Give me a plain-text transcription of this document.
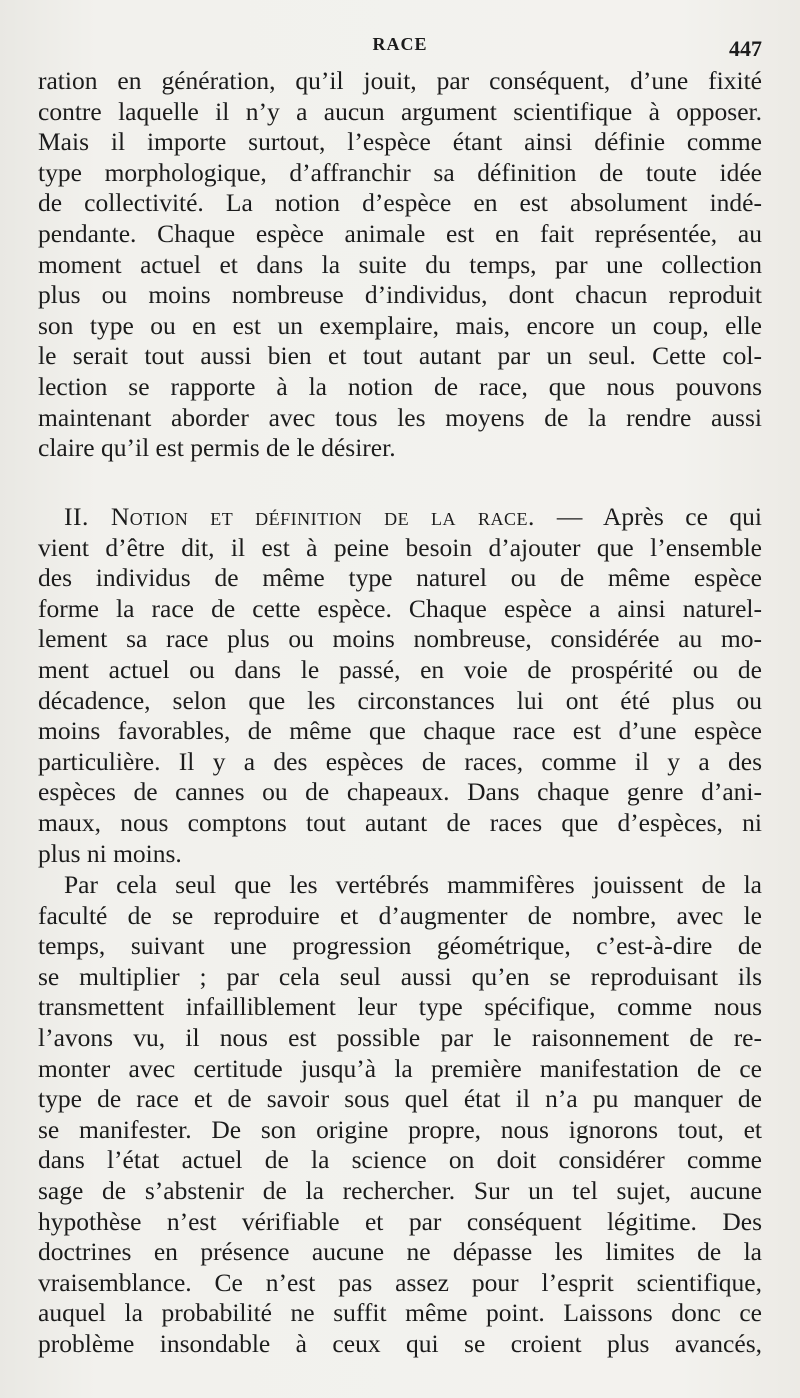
RACE	447
ration en génération, qu’il jouit, par conséquent, d’une fixité
contre laquelle il n’y a aucun argument scientifique à opposer.
Mais il importe surtout, l’espèce étant ainsi définie comme
type morphologique, d’affranchir sa définition de toute idée
de collectivité. La notion d’espèce en est absolument indé-
pendante. Chaque espèce animale est en fait représentée, au
moment actuel et dans la suite du temps, par une collection
plus ou moins nombreuse d’individus, dont chacun reproduit
son type ou en est un exemplaire, mais, encore un coup, elle
le serait tout aussi bien et tout autant par un seul. Cette col-
lection se rapporte à la notion de race, que nous pouvons
maintenant aborder avec tous les moyens de la rendre aussi
claire qu’il est permis de le désirer.
II. Notion et définition de la race. — Après ce qui
vient d’être dit, il est à peine besoin d’ajouter que l’ensemble
des individus de même type naturel ou de même espèce
forme la race de cette espèce. Chaque espèce a ainsi naturel-
lement sa race plus ou moins nombreuse, considérée au mo-
ment actuel ou dans le passé, en voie de prospérité ou de
décadence, selon que les circonstances lui ont été plus ou
moins favorables, de même que chaque race est d’une espèce
particulière. Il y a des espèces de races, comme il y a des
espèces de cannes ou de chapeaux. Dans chaque genre d’ani-
maux, nous comptons tout autant de races que d’espèces, ni
plus ni moins.
Par cela seul que les vertébrés mammifères jouissent de la
faculté de se reproduire et d’augmenter de nombre, avec le
temps, suivant une progression géométrique, c’est-à-dire de
se multiplier ; par cela seul aussi qu’en se reproduisant ils
transmettent infailliblement leur type spécifique, comme nous
l’avons vu, il nous est possible par le raisonnement de re-
monter avec certitude jusqu’à la première manifestation de ce
type de race et de savoir sous quel état il n’a pu manquer de
se manifester. De son origine propre, nous ignorons tout, et
dans l’état actuel de la science on doit considérer comme
sage de s’abstenir de la rechercher. Sur un tel sujet, aucune
hypothèse n’est vérifiable et par conséquent légitime. Des
doctrines en présence aucune ne dépasse les limites de la
vraisemblance. Ce n’est pas assez pour l’esprit scientifique,
auquel la probabilité ne suffit même point. Laissons donc ce
problème insondable à ceux qui se croient plus avancés,
